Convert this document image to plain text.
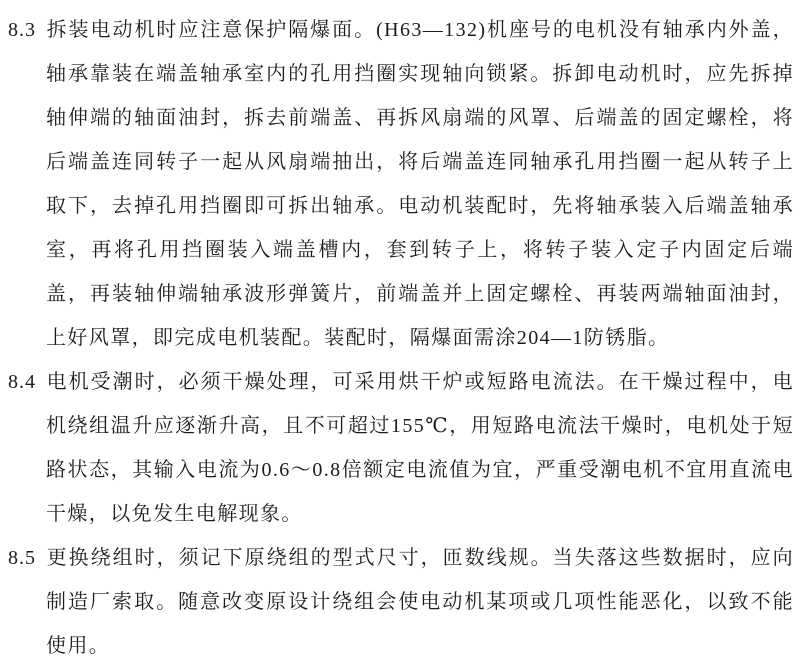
8.3 拆装电动机时应注意保护隔爆面。(H63—132)机座号的电机没有轴承内外盖，轴承靠装在端盖轴承室内的孔用挡圈实现轴向锁紧。拆卸电动机时，应先拆掉轴伸端的轴面油封，拆去前端盖、再拆风扇端的风罩、后端盖的固定螺栓，将后端盖连同转子一起从风扇端抽出，将后端盖连同轴承孔用挡圈一起从转子上取下，去掉孔用挡圈即可拆出轴承。电动机装配时，先将轴承装入后端盖轴承室，再将孔用挡圈装入端盖槽内，套到转子上，将转子装入定子内固定后端盖，再装轴伸端轴承波形弹簧片，前端盖并上固定螺栓、再装两端轴面油封，上好风罩，即完成电机装配。装配时，隔爆面需涂204—1防锈脂。

8.4 电机受潮时，必须干燥处理，可采用烘干炉或短路电流法。在干燥过程中，电机绕组温升应逐渐升高，且不可超过155℃，用短路电流法干燥时，电机处于短路状态，其输入电流为0.6～0.8倍额定电流值为宜，严重受潮电机不宜用直流电干燥，以免发生电解现象。

8.5 更换绕组时，须记下原绕组的型式尺寸，匝数线规。当失落这些数据时，应向制造厂索取。随意改变原设计绕组会使电动机某项或几项性能恶化，以致不能使用。
